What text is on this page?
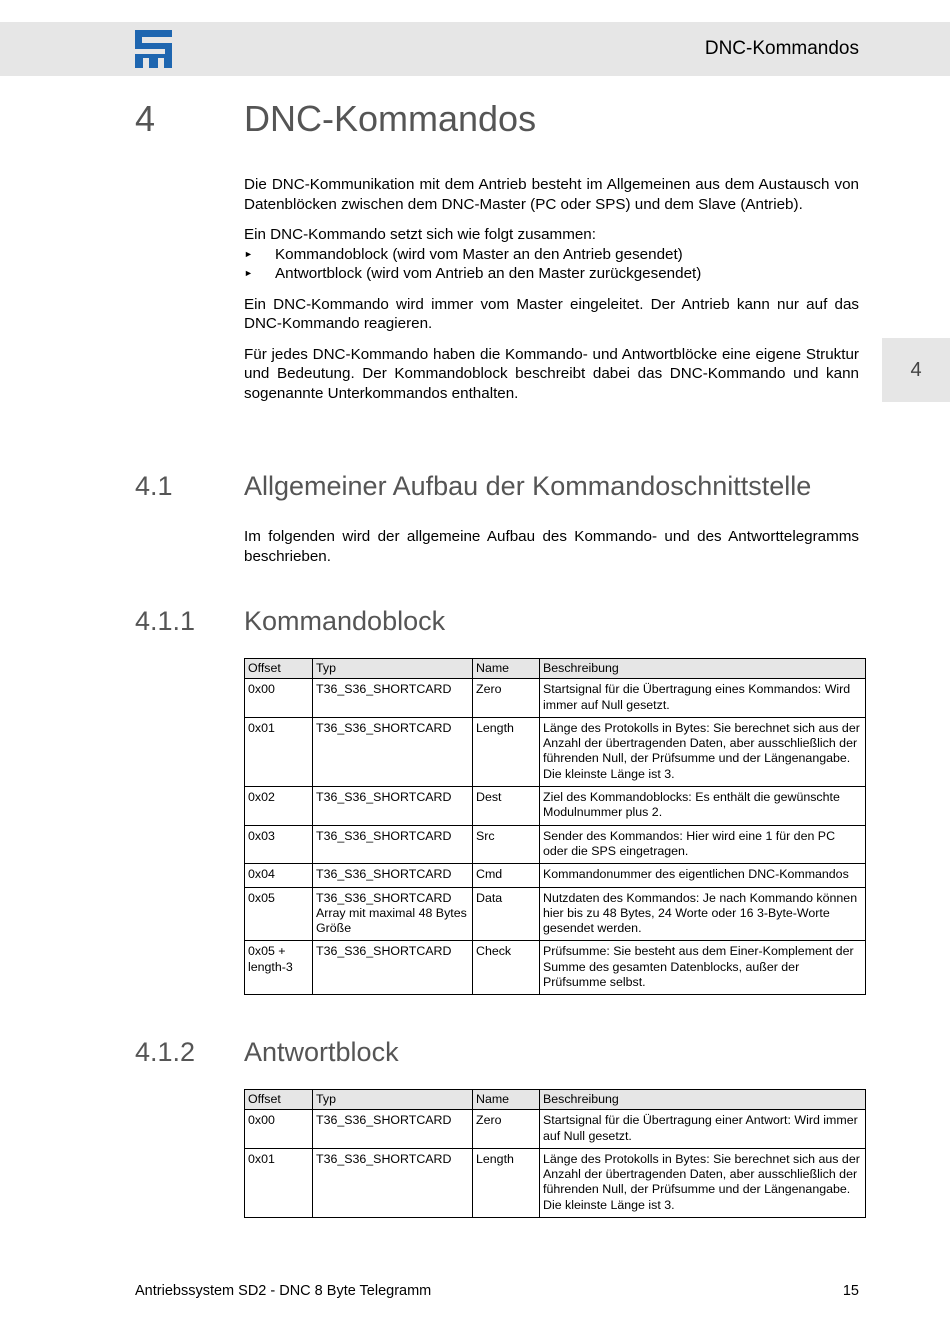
DNC-Kommandos
4
4 DNC-Kommandos

Die DNC-Kommunikation mit dem Antrieb besteht im Allgemeinen aus dem Austausch von Datenblöcken zwischen dem DNC-Master (PC oder SPS) und dem Slave (Antrieb).

Ein DNC-Kommando setzt sich wie folgt zusammen:

► Kommandoblock (wird vom Master an den Antrieb gesendet)
► Antwortblock (wird vom Antrieb an den Master zurückgesendet)

Ein DNC-Kommando wird immer vom Master eingeleitet. Der Antrieb kann nur auf das DNC-Kommando reagieren.

Für jedes DNC-Kommando haben die Kommando- und Antwortblöcke eine eigene Struktur und Bedeutung. Der Kommandoblock beschreibt dabei das DNC-Kommando und kann sogenannte Unterkommandos enthalten.

4.1	Allgemeiner Aufbau der Kommandoschnittstelle
Im folgenden wird der allgemeine Aufbau des Kommando- und des Antworttelegramms beschrieben.
4.1.1 Kommandoblock
Offset	Typ	Name	Beschreibung
0x00	T36_S36_SHORTCARD	Zero	Startsignal für die Übertragung eines Kommandos: Wird immer auf Null gesetzt.
0x01	T36_S36_SHORTCARD	Length	Länge des Protokolls in Bytes: Sie berechnet sich aus der Anzahl der übertragenden Daten, aber ausschließlich der führenden Null, der Prüfsumme und der Längenangabe. Die kleinste Länge ist 3.
0x02	T36_S36_SHORTCARD	Dest	Ziel des Kommandoblocks: Es enthält die gewünschte Modulnummer plus 2.
0x03	T36_S36_SHORTCARD	Src	Sender des Kommandos: Hier wird eine 1 für den PC oder die SPS eingetragen.
0x04	T36_S36_SHORTCARD	Cmd	Kommandonummer des eigentlichen DNC-Kommandos
0x05	T36_S36_SHORTCARD Array mit maximal 48 Bytes Größe	Data	Nutzdaten des Kommandos: Je nach Kommando können hier bis zu 48 Bytes, 24 Worte oder 16 3-Byte-Worte gesendet werden.
0x05 + length-3	T36_S36_SHORTCARD	Check	Prüfsumme: Sie besteht aus dem Einer-Komplement der Summe des gesamten Datenblocks, außer der Prüfsumme selbst.
4.1.2 Antwortblock
Offset	Typ	Name	Beschreibung
0x00	T36_S36_SHORTCARD	Zero	Startsignal für die Übertragung einer Antwort: Wird immer auf Null gesetzt.
0x01	T36_S36_SHORTCARD	Length	Länge des Protokolls in Bytes: Sie berechnet sich aus der Anzahl der übertragenden Daten, aber ausschließlich der führenden Null, der Prüfsumme und der Längenangabe. Die kleinste Länge ist 3.
Antriebssystem SD2 - DNC 8 Byte Telegramm	15
